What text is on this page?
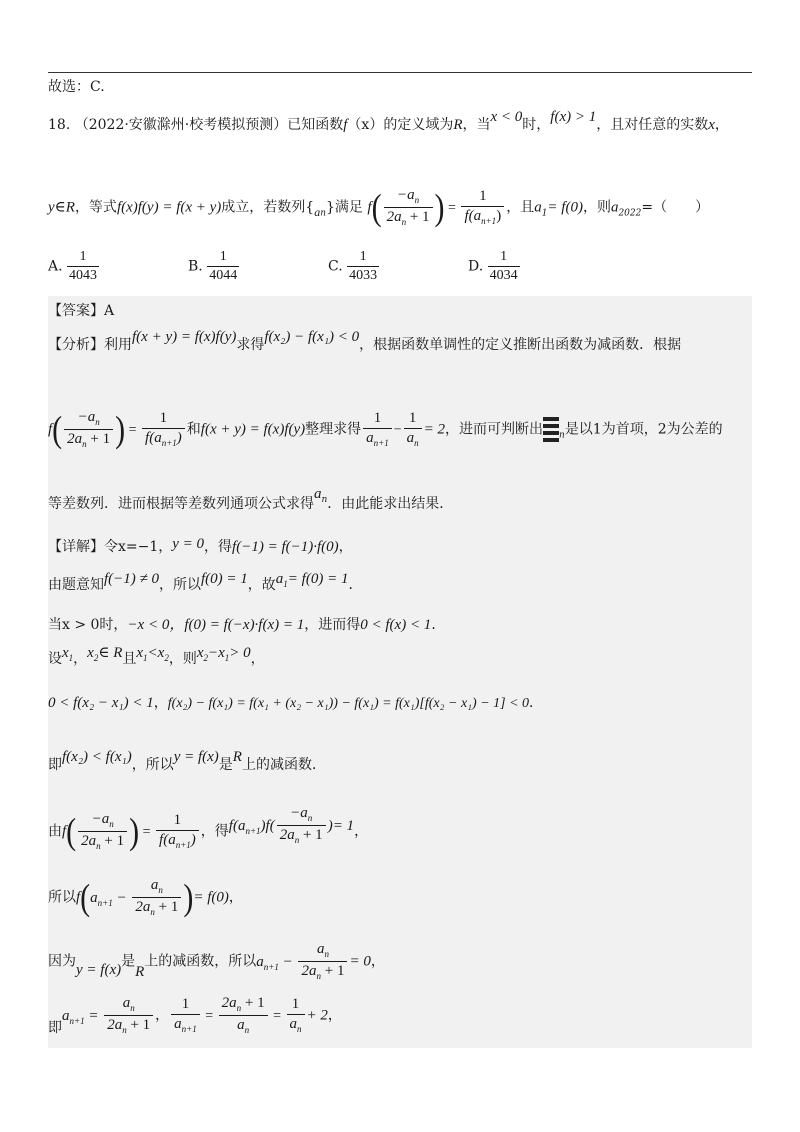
故选：C.
18. （2022·安徽滁州·校考模拟预测）已知函数f（x）的定义域为R，当x < 0时，f(x) > 1，且对任意的实数x，
y∈R，等式f(x)f(y) = f(x + y)成立，若数列$\{a_n\}$满足 $f( \frac{-a_n}{2a_n + 1}$ ) = $\frac{1}{f(a_{n+1})}$ ，且$a_1= f(0)$，则$a_{2022}=$（　　）
A. $\frac{1}{4043}$	B. $\frac{1}{4044}$	C. $\frac{1}{4033}$	D. $\frac{1}{4034}$
【答案】A
【分析】利用f(x + y) = f(x)f(y)求得f(x₂) − f(x₁) < 0，根据函数单调性的定义推断出函数为减函数．根据
$f( \frac{-a_n}{2a_n + 1}$ ) = $\frac{1}{f(a_{n+1})}$ 和f(x + y) = f(x)f(y)整理求得 $\frac{1}{a_{n+1}} - \frac{1}{a_n} = 2$，进而可判断出 $_n$是以1为首项，2为公差的
等差数列．进而根据等差数列通项公式求得$a^n$．由此能求出结果．
【详解】令x=−1，y = 0，得f(−1) = f(−1)·f(0)，
由题意知f(−1) ≠ 0，所以f(0) = 1，故$a_1= f(0) = 1$．
当x > 0时，−x < 0，f(0) = f(−x)·f(x) = 1，进而得0 < f(x) < 1．
设$x_1$，$x_2\in$ R且$x_1<x_2$，则$x_2-x_1> 0$，
0 < f(x₂ − x₁) < 1，f(x₂) − f(x₁) = f(x₁ + (x₂ − x₁)) − f(x₁) = f(x₁)[f(x₂ − x₁) − 1] < 0．
即f(x₂) < f(x₁)，所以y = f(x)是R上的减函数．
由$f( \frac{-a_n}{2a_n + 1}$ ) = $\frac{1}{f(a_{n+1})}$ ，得$f(a_{n+1})f( \frac{-a_n}{2a_n + 1}$ )= 1，
所以$f(a_{n+1} - \frac{a_n}{2a_n + 1}$ )= f(0)，
因为y = f(x)是R上的减函数，所以$a_{n+1} - \frac{a_n}{2a_n + 1} = 0$，
即$a_{n+1} = \frac{a_n}{2a_n + 1}$ ， $\frac{1}{a_{n+1}} = \frac{2a_n + 1}{a_n} = \frac{1}{a_n} + 2$，
